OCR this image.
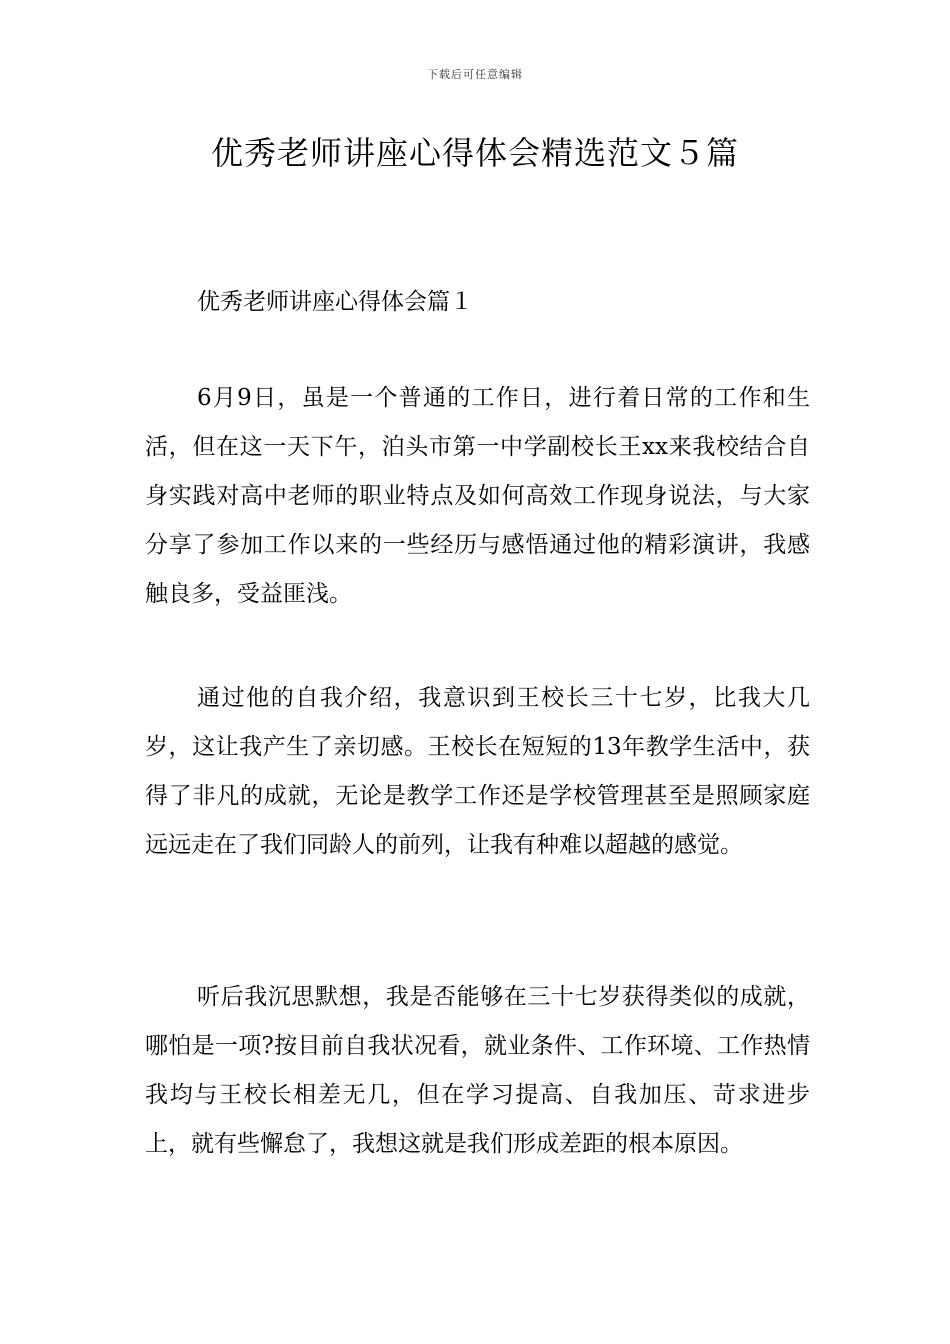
下载后可任意编辑
优秀老师讲座心得体会精选范文５篇
优秀老师讲座心得体会篇１

6月9日，虽是一个普通的工作日，进行着日常的工作和生活，但在这一天下午，泊头市第一中学副校长王xx来我校结合自身实践对高中老师的职业特点及如何高效工作现身说法，与大家分享了参加工作以来的一些经历与感悟通过他的精彩演讲，我感触良多，受益匪浅。

通过他的自我介绍，我意识到王校长三十七岁，比我大几岁，这让我产生了亲切感。王校长在短短的13年教学生活中，获得了非凡的成就，无论是教学工作还是学校管理甚至是照顾家庭远远走在了我们同龄人的前列，让我有种难以超越的感觉。

听后我沉思默想，我是否能够在三十七岁获得类似的成就，哪怕是一项?按目前自我状况看，就业条件、工作环境、工作热情我均与王校长相差无几，但在学习提高、自我加压、苛求进步上，就有些懈怠了，我想这就是我们形成差距的根本原因。
